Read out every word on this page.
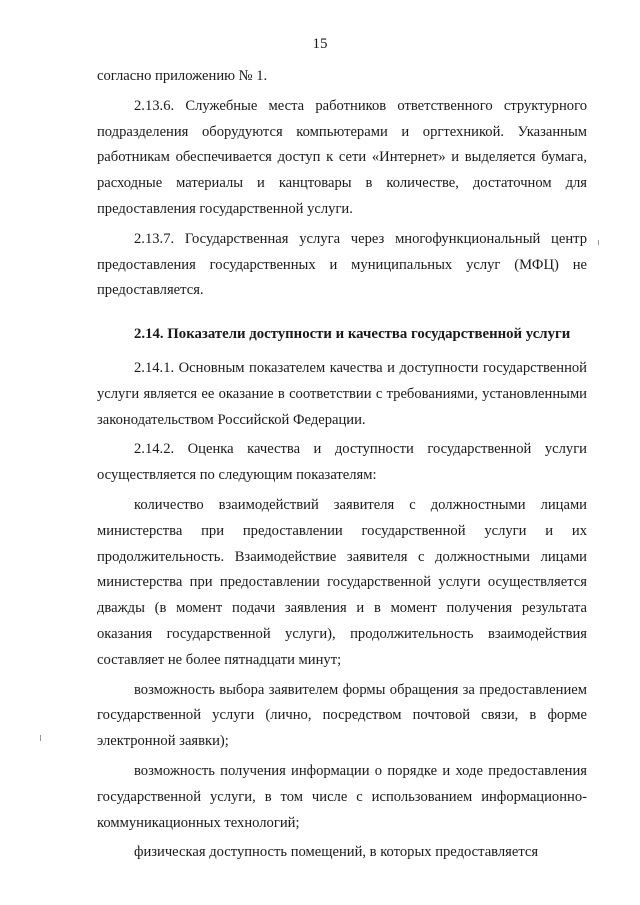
15

согласно приложению № 1.

2.13.6. Служебные места работников ответственного структурного подразделения оборудуются компьютерами и оргтехникой. Указанным работникам обеспечивается доступ к сети «Интернет» и выделяется бумага, расходные материалы и канцтовары в количестве, достаточном для предоставления государственной услуги.

2.13.7. Государственная услуга через многофункциональный центр предоставления государственных и муниципальных услуг (МФЦ) не предоставляется.

2.14. Показатели доступности и качества государственной услуги

2.14.1. Основным показателем качества и доступности государственной услуги является ее оказание в соответствии с требованиями, установленными законодательством Российской Федерации.

2.14.2. Оценка качества и доступности государственной услуги осуществляется по следующим показателям:

количество взаимодействий заявителя с должностными лицами министерства при предоставлении государственной услуги и их продолжительность. Взаимодействие заявителя с должностными лицами министерства при предоставлении государственной услуги осуществляется дважды (в момент подачи заявления и в момент получения результата оказания государственной услуги), продолжительность взаимодействия составляет не более пятнадцати минут;

возможность выбора заявителем формы обращения за предоставлением государственной услуги (лично, посредством почтовой связи, в форме электронной заявки);

возможность получения информации о порядке и ходе предоставления государственной услуги, в том числе с использованием информационно-коммуникационных технологий;

физическая доступность помещений, в которых предоставляется
